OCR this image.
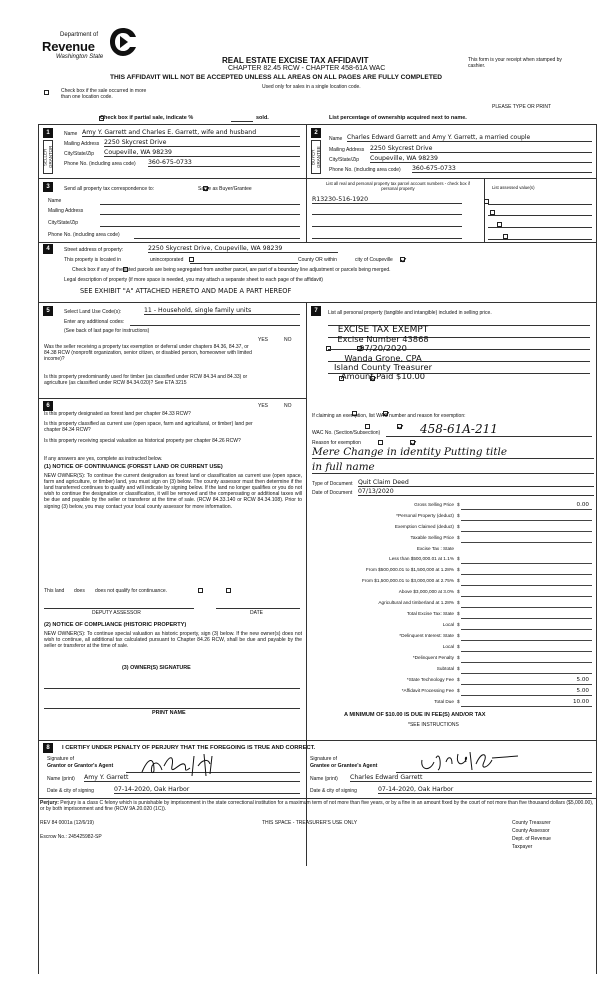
Department of
Revenue
Washington State	REAL ESTATE EXCISE TAX AFFIDAVIT
CHAPTER 82.45 RCW - CHAPTER 458-61A WAC
THIS AFFIDAVIT WILL NOT BE ACCEPTED UNLESS ALL AREAS ON ALL PAGES ARE FULLY COMPLETED
This form is your receipt when stamped by cashier.

Check box if the sale occurred in more than one location code.
Used only for sales in a single location code.
PLEASE TYPE OR PRINT

Check box if partial sale, indicate %	sold.	List percentage of ownership acquired next to name.
1
SELLER GRANTOR
Name Amy Y. Garrett and Charles E. Garrett, wife and husband
Mailing Address 2250 Skycrest Drive
City/State/Zip Coupeville, WA 98239
Phone No. (including area code) 360-675-0733
2
BUYER GRANTEE
Name Charles Edward Garrett and Amy Y. Garrett, a married couple
Mailing Address 2250 Skycrest Drive
City/State/Zip Coupeville, WA 98239
Phone No. (including area code) 360-675-0733
3	Send all property tax correspondence to:
	Same as Buyer/Grantee
Name
Mailing Address
City/State/Zip
Phone No. (including area code)
List all real and personal property tax parcel account numbers - check box if personal property	List assessed value(s)
R13230-516-1920

4	Street address of property:	2250 Skycrest Drive, Coupeville, WA 98239
This property is located in
	unincorporated	County OR within
	city of Coupeville

Check box if any of the listed parcels are being segregated from another parcel, are part of a boundary line adjustment or parcels being merged.
Legal description of property (if more space is needed, you may attach a separate sheet to each page of the affidavit)
SEE EXHIBIT "A" ATTACHED HERETO AND MADE A PART HEREOF
5	Select Land Use Code(s):	11 - Household, single family units
Enter any additional codes:
(See back of last page for instructions)
YES	NO
Was the seller receiving a property tax exemption or deferral under chapters 84.36, 84.37, or 84.38 RCW (nonprofit organization, senior citizen, or disabled person, homeowner with limited income)?

Is this property predominantly used for timber (as classified under RCW 84.34 and 84.33) or agriculture (as classified under RCW 84.34.020)? See ETA 3215

6	YES	NO
Is this property designated as forest land per chapter 84.33 RCW?

Is this property classified as current use (open space, farm and agricultural, or timber) land per chapter 84.34 RCW?

Is this property receiving special valuation as historical property per chapter 84.26 RCW?

If any answers are yes, complete as instructed below.
(1) NOTICE OF CONTINUANCE (FOREST LAND OR CURRENT USE)
NEW OWNER(S): To continue the current designation as forest land or classification as current use (open space, farm and agriculture, or timber) land, you must sign on (3) below. The county assessor must then determine if the land transferred continues to qualify and will indicate by signing below. If the land no longer qualifies or you do not wish to continue the designation or classification, it will be removed and the compensating or additional taxes will be due and payable by the seller or transferor at the time of sale. (RCW 84.33.140 or RCW 84.34.108). Prior to signing (3) below, you may contact your local county assessor for more information.
This land
does
does not qualify for continuance.
DEPUTY ASSESSOR	DATE
(2) NOTICE OF COMPLIANCE (HISTORIC PROPERTY)
NEW OWNER(S): To continue special valuation as historic property, sign (3) below. If the new owner(s) does not wish to continue, all additional tax calculated pursuant to Chapter 84.26 RCW, shall be due and payable by the seller or transferor at the time of sale.
(3) OWNER(S) SIGNATURE
PRINT NAME
7	List all personal property (tangible and intangible) included in selling price.
EXCISE TAX EXEMPT
Excise Number 43868
07/20/2020
Wanda Grone, CPA
Island County Treasurer
Amount Paid $10.00
If claiming an exemption, list WAC number and reason for exemption:
WAC No. (Section/Subsection)	458-61A-211
Reason for exemption
Mere Change in identity Putting title
in full name
Type of Document Quit Claim Deed
Date of Document 07/13/2020
Gross Selling Price $	0.00
*Personal Property (deduct) $
Exemption Claimed (deduct) $
Taxable Selling Price $
Excise Tax : State
Less than $500,000.01 at 1.1% $
From $500,000.01 to $1,500,000 at 1.28% $
From $1,500,000.01 to $3,000,000 at 2.75% $
Above $3,000,000 at 3.0% $
Agricultural and timberland at 1.28% $
Total Excise Tax: State $
Local $
*Delinquent Interest: State $
Local $
*Delinquent Penalty $
Subtotal $
*State Technology Fee $	5.00
*Affidavit Processing Fee $	5.00
Total Due $	10.00
A MINIMUM OF $10.00 IS DUE IN FEE(S) AND/OR TAX
*SEE INSTRUCTIONS
8	I CERTIFY UNDER PENALTY OF PERJURY THAT THE FOREGOING IS TRUE AND CORRECT.
Signature of
Grantor or Grantor's Agent
Name (print) Amy Y. Garrett
Date & city of signing	07-14-2020, Oak Harbor
Signature of
Grantee or Grantee's Agent
Name (print) Charles Edward Garrett
Date & city of signing	07-14-2020, Oak Harbor
Perjury: Perjury is a class C felony which is punishable by imprisonment in the state correctional institution for a maximum term of not more than five years, or by a fine in an amount fixed by the court of not more than five thousand dollars ($5,000.00), or by both imprisonment and fine (RCW 9A.20.020 (1C)).
REV 84 0001a (12/6/19)	THIS SPACE - TREASURER'S USE ONLY
Escrow No.: 245425982-SP

County Treasurer

County Assessor

Dept. of Revenue
Taxpayer
